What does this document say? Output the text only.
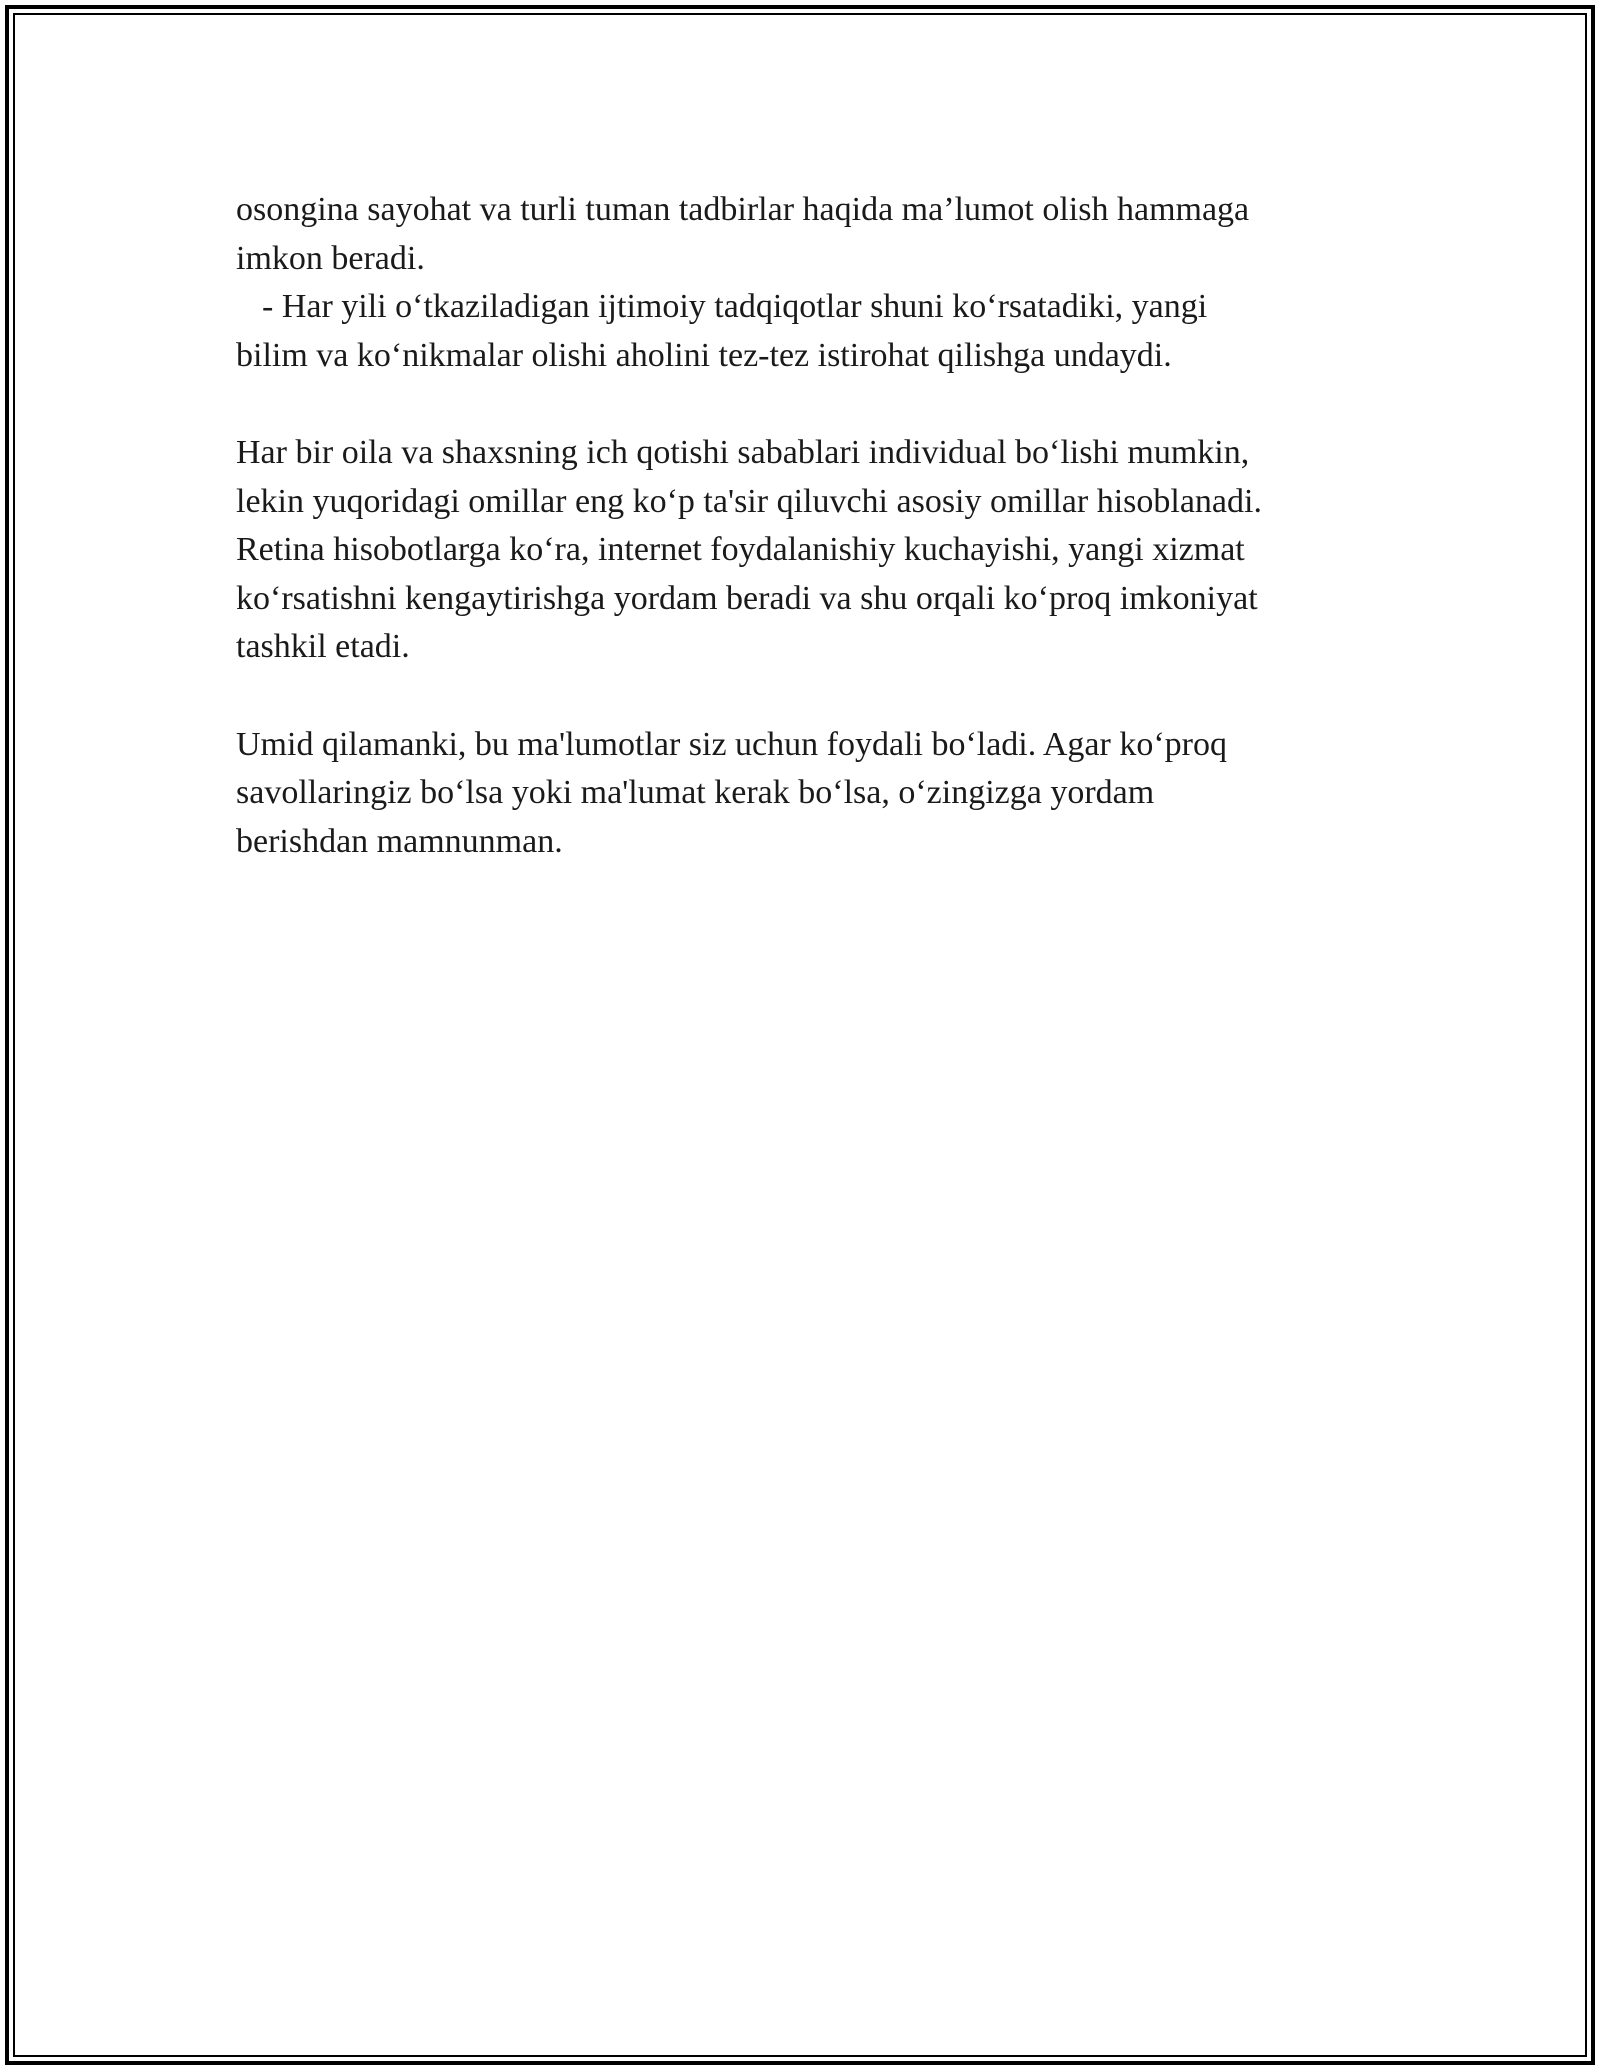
osongina sayohat va turli tuman tadbirlar haqida ma’lumot olish hammaga

imkon beradi.

- Har yili o‘tkaziladigan ijtimoiy tadqiqotlar shuni ko‘rsatadiki, yangi

bilim va ko‘nikmalar olishi aholini tez-tez istirohat qilishga undaydi.

Har bir oila va shaxsning ich qotishi sabablari individual bo‘lishi mumkin,

lekin yuqoridagi omillar eng ko‘p ta'sir qiluvchi asosiy omillar hisoblanadi.

Retina hisobotlarga ko‘ra, internet foydalanishiy kuchayishi, yangi xizmat

ko‘rsatishni kengaytirishga yordam beradi va shu orqali ko‘proq imkoniyat

tashkil etadi.

Umid qilamanki, bu ma'lumotlar siz uchun foydali bo‘ladi. Agar ko‘proq

savollaringiz bo‘lsa yoki ma'lumat kerak bo‘lsa, o‘zingizga yordam

berishdan mamnunman.
